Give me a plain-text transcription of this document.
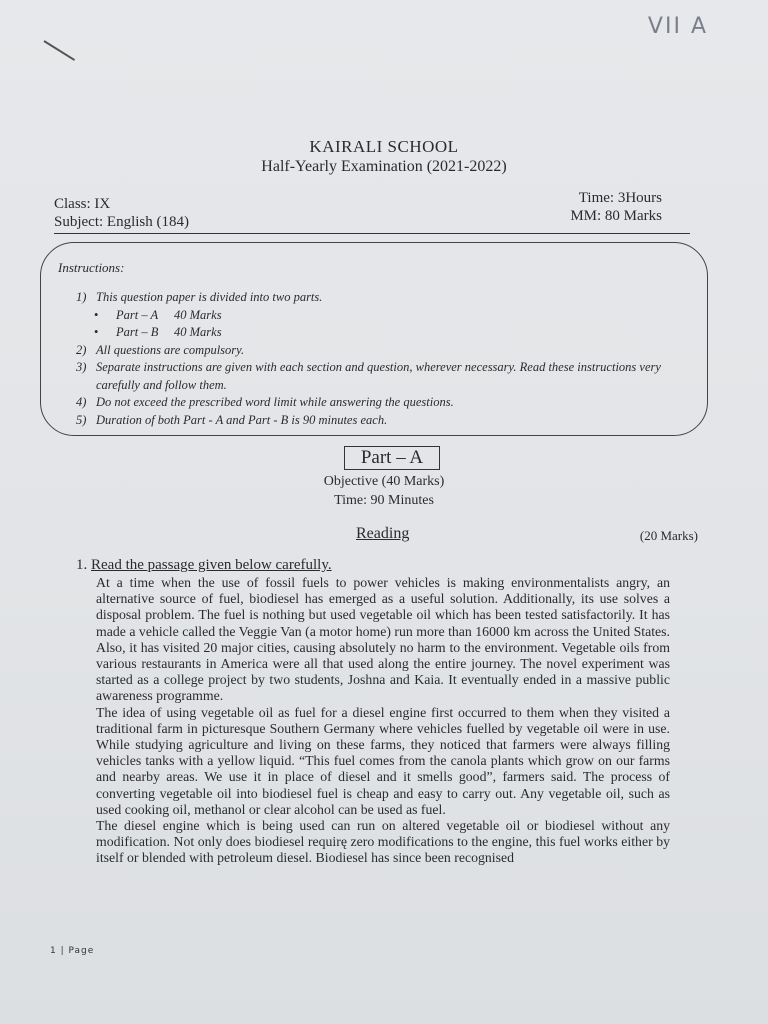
VII A
KAIRALI SCHOOL
Half-Yearly Examination (2021-2022)
Class: IX
Subject: English (184)
Time: 3Hours
MM: 80 Marks
Instructions:
1) This question paper is divided into two parts.
•	Part – A	40 Marks
•	Part – B	40 Marks
2) All questions are compulsory.
3) Separate instructions are given with each section and question, wherever necessary. Read these instructions very carefully and follow them.
4) Do not exceed the prescribed word limit while answering the questions.
5) Duration of both Part - A and Part - B is 90 minutes each.
Part – A
Objective (40 Marks)
Time: 90 Minutes
Reading	(20 Marks)
1. Read the passage given below carefully.

At a time when the use of fossil fuels to power vehicles is making environmentalists angry, an alternative source of fuel, biodiesel has emerged as a useful solution. Additionally, its use solves a disposal problem. The fuel is nothing but used vegetable oil which has been tested satisfactorily. It has made a vehicle called the Veggie Van (a motor home) run more than 16000 km across the United States. Also, it has visited 20 major cities, causing absolutely no harm to the environment. Vegetable oils from various restaurants in America were all that used along the entire journey. The novel experiment was started as a college project by two students, Joshna and Kaia. It eventually ended in a massive public awareness programme.

The idea of using vegetable oil as fuel for a diesel engine first occurred to them when they visited a traditional farm in picturesque Southern Germany where vehicles fuelled by vegetable oil were in use. While studying agriculture and living on these farms, they noticed that farmers were always filling vehicles tanks with a yellow liquid. “This fuel comes from the canola plants which grow on our farms and nearby areas. We use it in place of diesel and it smells good”, farmers said. The process of converting vegetable oil into biodiesel fuel is cheap and easy to carry out. Any vegetable oil, such as used cooking oil, methanol or clear alcohol can be used as fuel.

The diesel engine which is being used can run on altered vegetable oil or biodiesel without any modification. Not only does biodiesel requirę zero modifications to the engine, this fuel works either by itself or blended with petroleum diesel. Biodiesel has since been recognised

1 | Page
